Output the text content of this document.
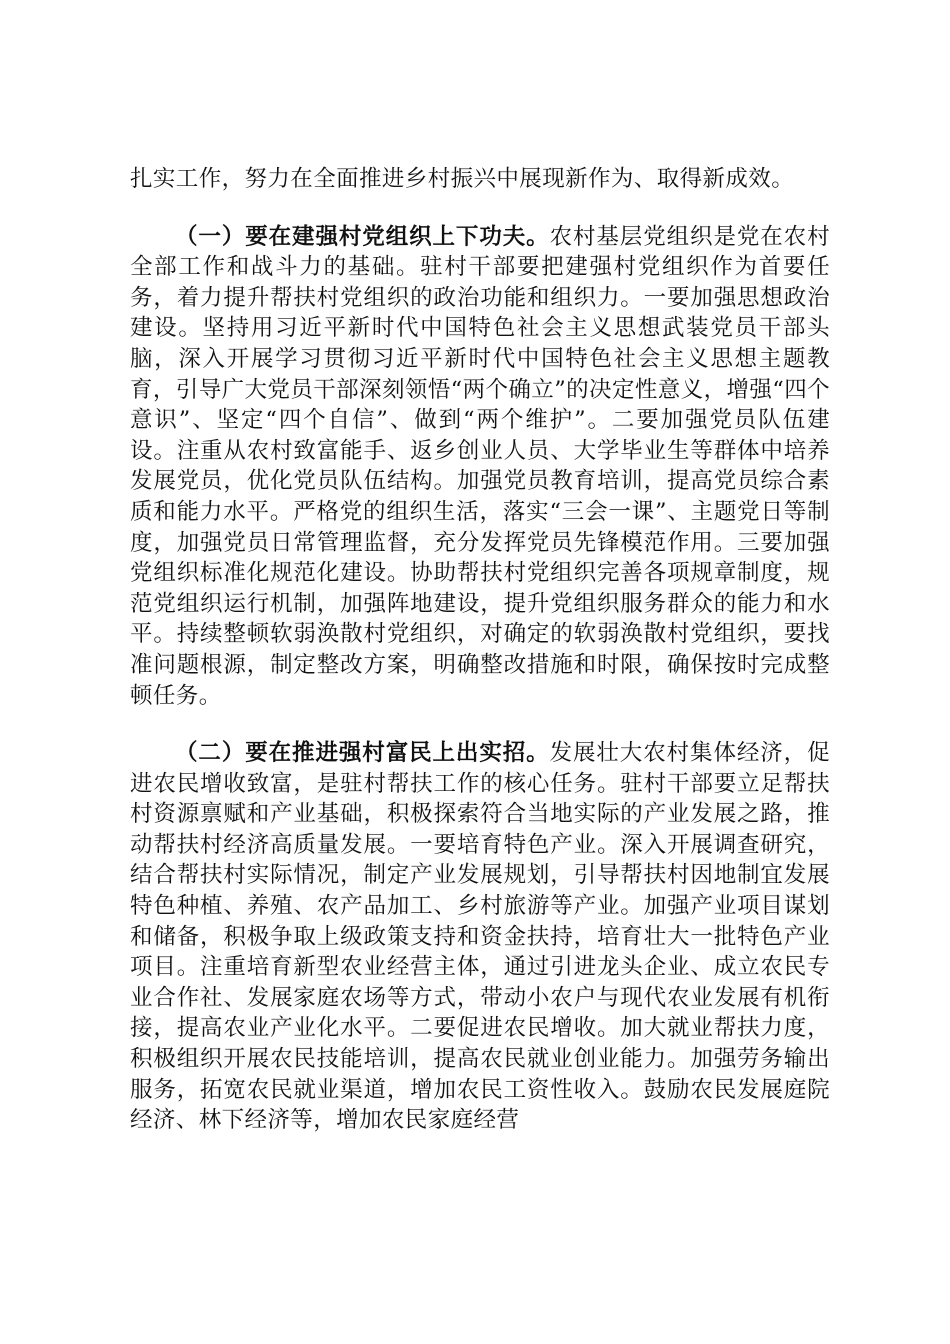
扎实工作，努力在全面推进乡村振兴中展现新作为、取得新成效。

（一）要在建强村党组织上下功夫。农村基层党组织是党在农村全部工作和战斗力的基础。驻村干部要把建强村党组织作为首要任务，着力提升帮扶村党组织的政治功能和组织力。一要加强思想政治建设。坚持用习近平新时代中国特色社会主义思想武装党员干部头脑，深入开展学习贯彻习近平新时代中国特色社会主义思想主题教育，引导广大党员干部深刻领悟“两个确立”的决定性意义，增强“四个意识”、坚定“四个自信”、做到“两个维护”。二要加强党员队伍建设。注重从农村致富能手、返乡创业人员、大学毕业生等群体中培养发展党员，优化党员队伍结构。加强党员教育培训，提高党员综合素质和能力水平。严格党的组织生活，落实“三会一课”、主题党日等制度，加强党员日常管理监督，充分发挥党员先锋模范作用。三要加强党组织标准化规范化建设。协助帮扶村党组织完善各项规章制度，规范党组织运行机制，加强阵地建设，提升党组织服务群众的能力和水平。持续整顿软弱涣散村党组织，对确定的软弱涣散村党组织，要找准问题根源，制定整改方案，明确整改措施和时限，确保按时完成整顿任务。

（二）要在推进强村富民上出实招。发展壮大农村集体经济，促进农民增收致富，是驻村帮扶工作的核心任务。驻村干部要立足帮扶村资源禀赋和产业基础，积极探索符合当地实际的产业发展之路，推动帮扶村经济高质量发展。一要培育特色产业。深入开展调查研究，结合帮扶村实际情况，制定产业发展规划，引导帮扶村因地制宜发展特色种植、养殖、农产品加工、乡村旅游等产业。加强产业项目谋划和储备，积极争取上级政策支持和资金扶持，培育壮大一批特色产业项目。注重培育新型农业经营主体，通过引进龙头企业、成立农民专业合作社、发展家庭农场等方式，带动小农户与现代农业发展有机衔接，提高农业产业化水平。二要促进农民增收。加大就业帮扶力度，积极组织开展农民技能培训，提高农民就业创业能力。加强劳务输出服务，拓宽农民就业渠道，增加农民工资性收入。鼓励农民发展庭院经济、林下经济等，增加农民家庭经营
